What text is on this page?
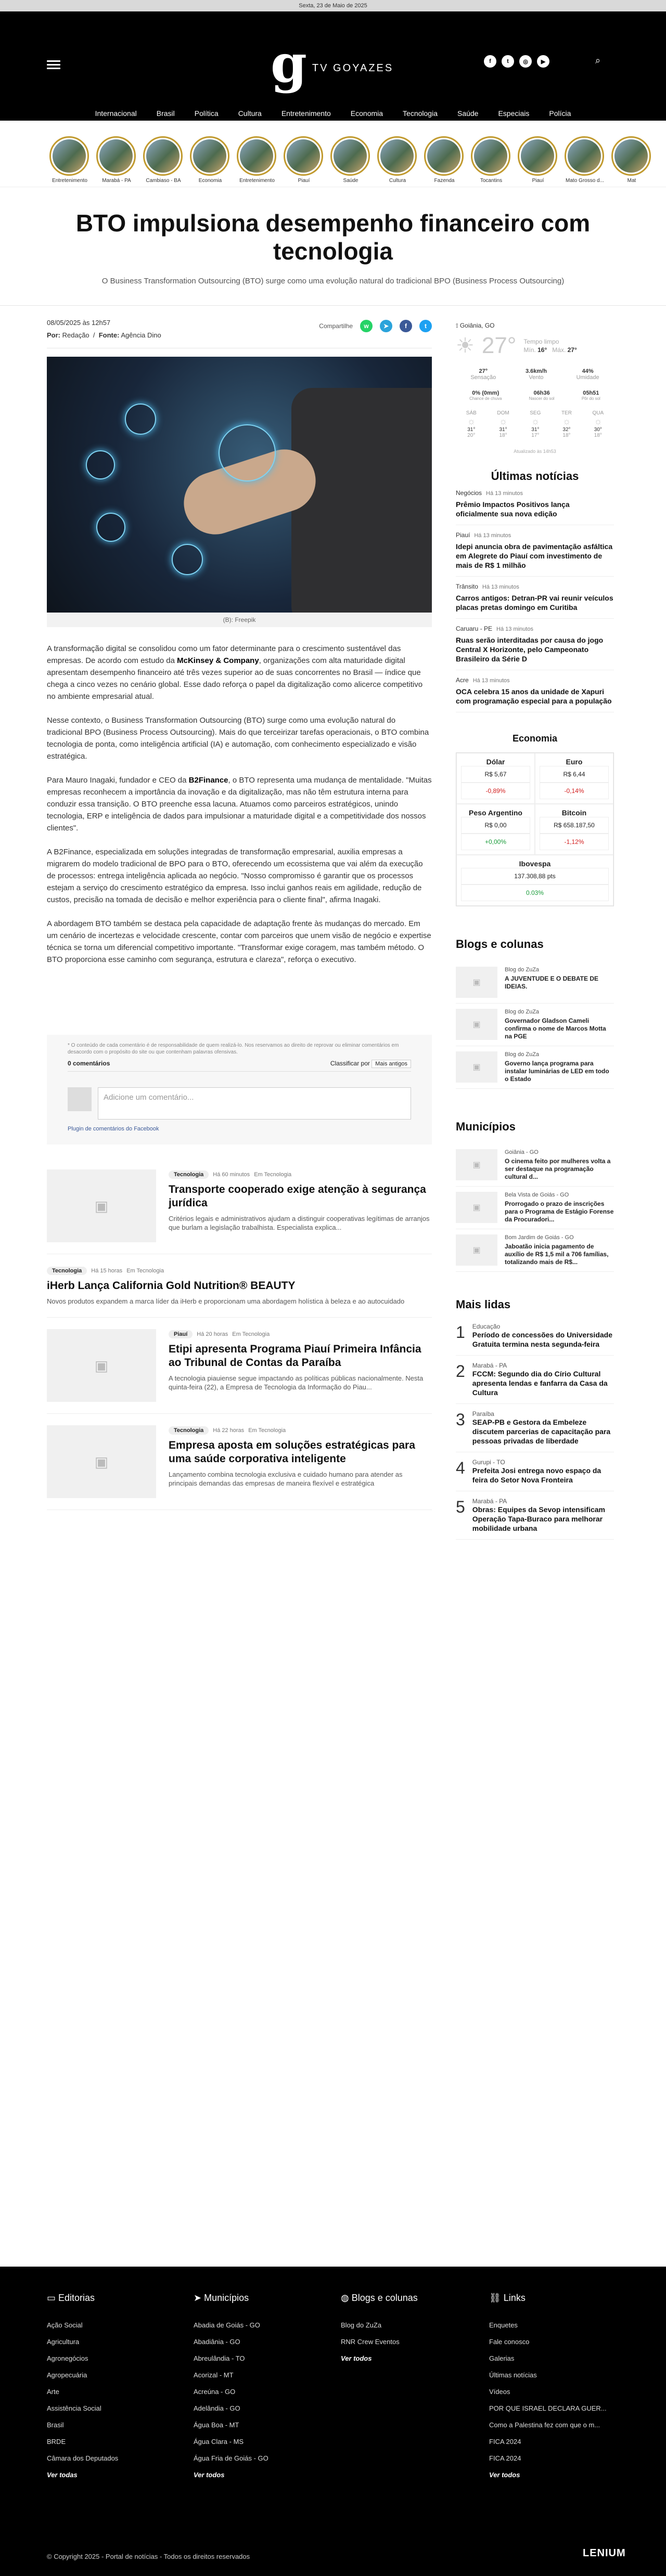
Sexta, 23 de Maio de 2025
g TV GOYAZES
f	t	◎	▶	⌕
Internacional	Brasil	Política	Cultura	Entretenimento	Economia	Tecnologia	Saúde	Especiais	Polícia

Entretenimento	Marabá - PA	Cambiaso - BA	Economia	Entretenimento	Piauí	Saúde	Cultura	Fazenda	Tocantins	Piauí	Mato Grosso d...	Mat

BTO impulsiona desempenho financeiro com tecnologia

O Business Transformation Outsourcing (BTO) surge como uma evolução natural do tradicional BPO (Business Process Outsourcing)

08/05/2025 às 12h57
Por: Redação  /  Fonte: Agência Dino
Compartilhe	w	➤	f	t
(B): Freepik

A transformação digital se consolidou como um fator determinante para o crescimento sustentável das empresas. De acordo com estudo da McKinsey & Company, organizações com alta maturidade digital apresentam desempenho financeiro até três vezes superior ao de suas concorrentes no Brasil — índice que chega a cinco vezes no cenário global. Esse dado reforça o papel da digitalização como alicerce competitivo no ambiente empresarial atual.

Nesse contexto, o Business Transformation Outsourcing (BTO) surge como uma evolução natural do tradicional BPO (Business Process Outsourcing). Mais do que terceirizar tarefas operacionais, o BTO combina tecnologia de ponta, como inteligência artificial (IA) e automação, com conhecimento especializado e visão estratégica.

Para Mauro Inagaki, fundador e CEO da B2Finance, o BTO representa uma mudança de mentalidade. "Muitas empresas reconhecem a importância da inovação e da digitalização, mas não têm estrutura interna para conduzir essa transição. O BTO preenche essa lacuna. Atuamos como parceiros estratégicos, unindo tecnologia, ERP e inteligência de dados para impulsionar a maturidade digital e a competitividade dos nossos clientes".

A B2Finance, especializada em soluções integradas de transformação empresarial, auxilia empresas a migrarem do modelo tradicional de BPO para o BTO, oferecendo um ecossistema que vai além da execução de processos: entrega inteligência aplicada ao negócio. "Nosso compromisso é garantir que os processos estejam a serviço do crescimento estratégico da empresa. Isso inclui ganhos reais em agilidade, redução de custos, precisão na tomada de decisão e melhor experiência para o cliente final", afirma Inagaki.

A abordagem BTO também se destaca pela capacidade de adaptação frente às mudanças do mercado. Em um cenário de incertezas e velocidade crescente, contar com parceiros que unem visão de negócio e expertise técnica se torna um diferencial competitivo importante. "Transformar exige coragem, mas também método. O BTO proporciona esse caminho com segurança, estrutura e clareza", reforça o executivo.

* O conteúdo de cada comentário é de responsabilidade de quem realizá-lo. Nos reservamos ao direito de reprovar ou eliminar comentários em desacordo com o propósito do site ou que contenham palavras ofensivas.

0 comentários	Classificar por Mais antigos
Adicione um comentário...

Plugin de comentários do Facebook

▣
Tecnologia Há 60 minutos Em Tecnologia
Transporte cooperado exige atenção à segurança jurídica

Critérios legais e administrativos ajudam a distinguir cooperativas legítimas de arranjos que burlam a legislação trabalhista. Especialista explica...

Tecnologia Há 15 horas Em Tecnologia
iHerb Lança California Gold Nutrition® BEAUTY

Novos produtos expandem a marca líder da iHerb e proporcionam uma abordagem holística à beleza e ao autocuidado

▣
Piauí Há 20 horas Em Tecnologia
Etipi apresenta Programa Piauí Primeira Infância ao Tribunal de Contas da Paraíba

A tecnologia piauiense segue impactando as políticas públicas nacionalmente. Nesta quinta-feira (22), a Empresa de Tecnologia da Informação do Piau...

▣
Tecnologia Há 22 horas Em Tecnologia
Empresa aposta em soluções estratégicas para uma saúde corporativa inteligente

Lançamento combina tecnologia exclusiva e cuidado humano para atender as principais demandas das empresas de maneira flexível e estratégica

⟟ Goiânia, GO
☀ 27° Tempo limpo
Mín. 16° Máx. 27°
27°
Sensação
3.6km/h
Vento
44%
Umidade
0% (0mm)
Chance de chuva
06h36
Nascer do sol
05h51
Pôr do sol
SÁB
☼
31°
20°
DOM
☼
31°
18°
SEG
☼
31°
17°
TER
☼
32°
18°
QUA
☼
30°
18°
Atualizado às 14h53
Últimas notícias
Negócios Há 13 minutos
Prêmio Impactos Positivos lança oficialmente sua nova edição
Piauí Há 13 minutos
Idepi anuncia obra de pavimentação asfáltica em Alegrete do Piauí com investimento de mais de R$ 1 milhão
Trânsito Há 13 minutos
Carros antigos: Detran-PR vai reunir veículos placas pretas domingo em Curitiba
Caruaru - PE Há 13 minutos
Ruas serão interditadas por causa do jogo Central X Horizonte, pelo Campeonato Brasileiro da Série D
Acre Há 13 minutos
OCA celebra 15 anos da unidade de Xapuri com programação especial para a população
Economia
Dólar
R$ 5,67
-0,89%
Euro
R$ 6,44
-0,14%
Peso Argentino
R$ 0,00
+0,00%
Bitcoin
R$ 658.187,50
-1,12%
Ibovespa
137.308,88 pts
0.03%
Blogs e colunas
▣
Blog do ZuZa
A JUVENTUDE E O DEBATE DE IDEIAS.
▣
Blog do ZuZa
Governador Gladson Cameli confirma o nome de Marcos Motta na PGE
▣
Blog do ZuZa
Governo lança programa para instalar luminárias de LED em todo o Estado
Municípios
▣
Goiânia - GO
O cinema feito por mulheres volta a ser destaque na programação cultural d...
▣
Bela Vista de Goiás - GO
Prorrogado o prazo de inscrições para o Programa de Estágio Forense da Procuradori...
▣
Bom Jardim de Goiás - GO
Jaboatão inicia pagamento de auxílio de R$ 1,5 mil a 706 famílias, totalizando mais de R$...
Mais lidas
1 Educação
Período de concessões do Universidade Gratuita termina nesta segunda-feira
2 Marabá - PA
FCCM: Segundo dia do Círio Cultural apresenta lendas e fanfarra da Casa da Cultura
3 Paraíba
SEAP-PB e Gestora da Embeleze discutem parcerias de capacitação para pessoas privadas de liberdade
4 Gurupi - TO
Prefeita Josi entrega novo espaço da feira do Setor Nova Fronteira
5 Marabá - PA
Obras: Equipes da Sevop intensificam Operação Tapa-Buraco para melhorar mobilidade urbana
▭ Editorias
Ação Social
Agricultura
Agronegócios
Agropecuária
Arte
Assistência Social
Brasil
BRDE
Câmara dos Deputados
Ver todas
➤ Municípios
Abadia de Goiás - GO
Abadiânia - GO
Abreulândia - TO
Acorizal - MT
Acreúna - GO
Adelândia - GO
Água Boa - MT
Água Clara - MS
Água Fria de Goiás - GO
Ver todos
◍ Blogs e colunas
Blog do ZuZa
RNR Crew Eventos
Ver todos
⛓ Links
Enquetes
Fale conosco
Galerias
Últimas notícias
Vídeos
POR QUE ISRAEL DECLARA GUER...
Como a Palestina fez com que o m...
FICA 2024
FICA 2024
Ver todos
© Copyright 2025 - Portal de notícias - Todos os direitos reservados	LENIUM
